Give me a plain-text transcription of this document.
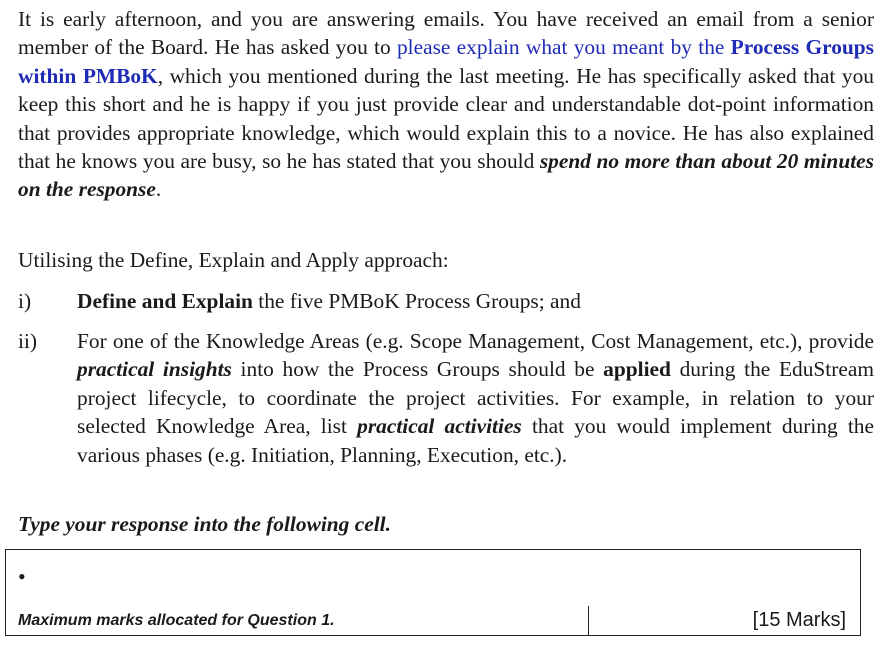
It is early afternoon, and you are answering emails. You have received an email from a senior member of the Board. He has asked you to please explain what you meant by the Process Groups within PMBoK, which you mentioned during the last meeting. He has specifically asked that you keep this short and he is happy if you just provide clear and understandable dot-point information that provides appropriate knowledge, which would explain this to a novice. He has also explained that he knows you are busy, so he has stated that you should spend no more than about 20 minutes on the response.
Utilising the Define, Explain and Apply approach:
i) Define and Explain the five PMBoK Process Groups; and
ii) For one of the Knowledge Areas (e.g. Scope Management, Cost Management, etc.), provide practical insights into how the Process Groups should be applied during the EduStream project lifecycle, to coordinate the project activities. For example, in relation to your selected Knowledge Area, list practical activities that you would implement during the various phases (e.g. Initiation, Planning, Execution, etc.).
Type your response into the following cell.
•
Maximum marks allocated for Question 1.	[15 Marks]
